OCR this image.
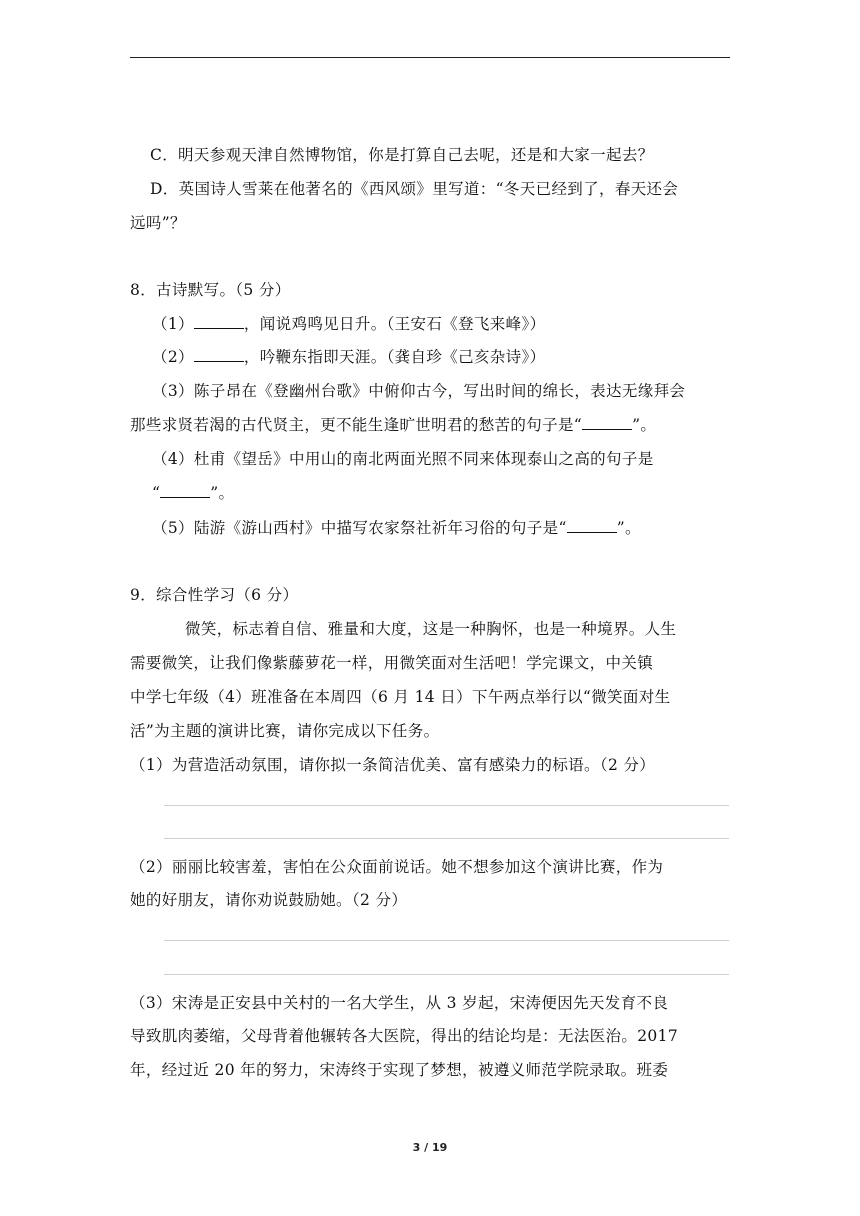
C．明天参观天津自然博物馆，你是打算自己去呢，还是和大家一起去？
D．英国诗人雪莱在他著名的《西风颂》里写道：“冬天已经到了，春天还会
远吗”？
8．古诗默写。（5 分）
（1）	，闻说鸡鸣见日升。（王安石《登飞来峰》）
（2）	，吟鞭东指即天涯。（龚自珍《己亥杂诗》）
（3）陈子昂在《登幽州台歌》中俯仰古今，写出时间的绵长，表达无缘拜会
那些求贤若渴的古代贤主，更不能生逢旷世明君的愁苦的句子是“	”。
（4）杜甫《望岳》中用山的南北两面光照不同来体现泰山之高的句子是
“	”。
（5）陆游《游山西村》中描写农家祭社祈年习俗的句子是“	”。
9．综合性学习（6 分）
微笑，标志着自信、雅量和大度，这是一种胸怀，也是一种境界。人生
需要微笑，让我们像紫藤萝花一样，用微笑面对生活吧！学完课文，中关镇
中学七年级（4）班准备在本周四（6 月 14 日）下午两点举行以“微笑面对生
活”为主题的演讲比赛，请你完成以下任务。
（1）为营造活动氛围，请你拟一条简洁优美、富有感染力的标语。（2 分）
（2）丽丽比较害羞，害怕在公众面前说话。她不想参加这个演讲比赛，作为
她的好朋友，请你劝说鼓励她。（2 分）
（3）宋涛是正安县中关村的一名大学生，从 3 岁起，宋涛便因先天发育不良
导致肌肉萎缩，父母背着他辗转各大医院，得出的结论均是：无法医治。2017
年，经过近 20 年的努力，宋涛终于实现了梦想，被遵义师范学院录取。班委
3 / 19
